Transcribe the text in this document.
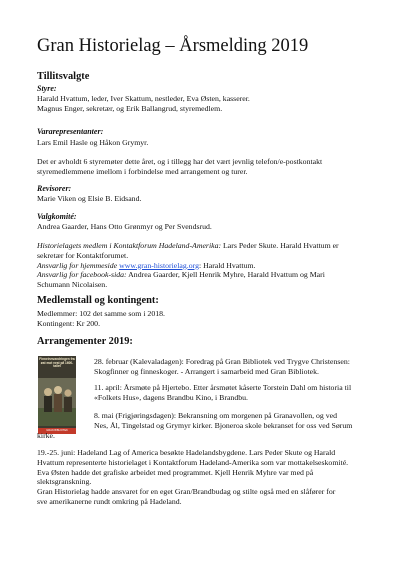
Gran Historielag – Årsmelding 2019
Tillitsvalgte
Styre:
Harald Hvattum, leder, Iver Skattum, nestleder, Eva Østen, kasserer.
Magnus Enger, sekretær, og Erik Ballangrud, styremedlem.
Vararepresentanter:
Lars Emil Hasle og Håkon Grymyr.
Det er avholdt 6 styremøter dette året, og i tillegg har det vært jevnlig telefon/e-postkontakt
styremedlemmene imellom i forbindelse med arrangement og turer.
Revisorer:
Marie Viken og Elsie B. Eidsand.
Valgkomité:
Andrea Gaarder, Hans Otto Grønmyr og Per Svendsrud.
Historielagets medlem i Kontaktforum Hadeland-Amerika: Lars Peder Skute. Harald Hvattum er
sekretær for Kontaktforumet.
Ansvarlig for hjemmeside www.gran-historielag.org: Harald Hvattum.
Ansvarlig for facebook-sida: Andrea Gaarder, Kjell Henrik Myhre, Harald Hvattum og Mari
Schumann Nicolaisen.
Medlemstall og kontingent:
Medlemmer: 102 det samme som i 2018.
Kontingent: Kr 200.
Arrangementer 2019:
Finneinnvandringen fra øst mot vest på 1600-tallet
GRAN BIBLIOTEK
28. februar (Kalevaladagen): Foredrag på Gran Bibliotek ved Trygve Christensen:
Skogfinner og finneskoger. - Arrangert i samarbeid med Gran Bibliotek.
11. april: Årsmøte på Hjertebo. Etter årsmøtet kåserte Torstein Dahl om historia til
«Folkets Hus», dagens Brandbu Kino, i Brandbu.
8. mai (Frigjøringsdagen): Bekransning om morgenen på Granavollen, og ved
Nes, Ål, Tingelstad og Grymyr kirker. Bjoneroa skole bekranset for oss ved Sørum
kirke.
19.-25. juni: Hadeland Lag of America besøkte Hadelandsbygdene. Lars Peder Skute og Harald
Hvattum representerte historielaget i Kontaktforum Hadeland-Amerika som var mottakelseskomité.
Eva Østen hadde det grafiske arbeidet med programmet. Kjell Henrik Myhre var med på
slektsgranskning.
Gran Historielag hadde ansvaret for en eget Gran/Brandbudag og stilte også med en slåfører for
sve amerikanerne rundt omkring på Hadeland.
